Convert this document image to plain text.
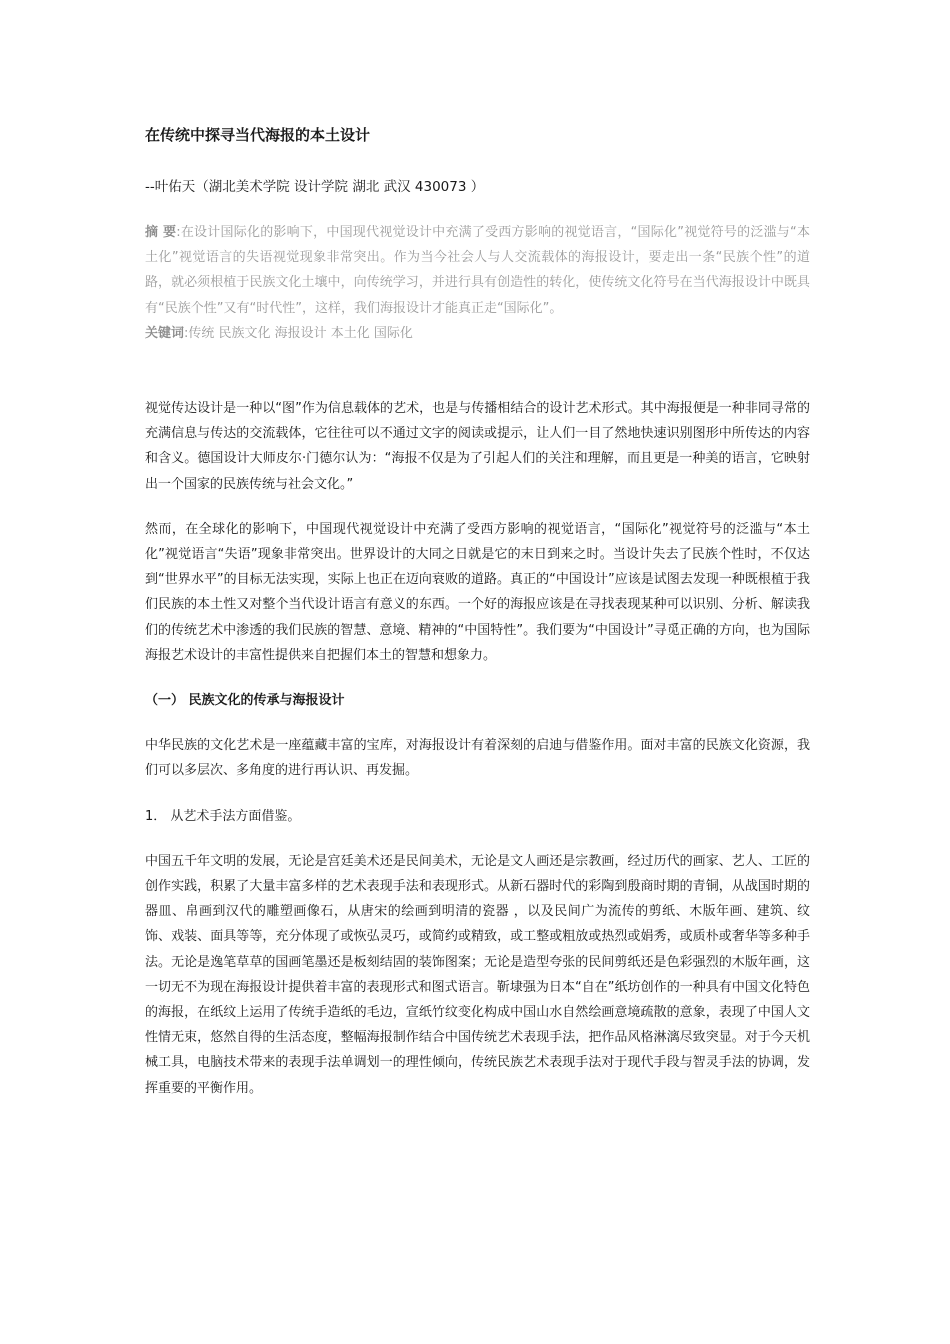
在传统中探寻当代海报的本土设计

--叶佑天（湖北美术学院 设计学院 湖北 武汉 430073 ）

摘 要:在设计国际化的影响下，中国现代视觉设计中充满了受西方影响的视觉语言，“国际化”视觉符号的泛滥与“本土化”视觉语言的失语视觉现象非常突出。作为当今社会人与人交流载体的海报设计，要走出一条“民族个性”的道路，就必须根植于民族文化土壤中，向传统学习，并进行具有创造性的转化，使传统文化符号在当代海报设计中既具有“民族个性”又有“时代性”，这样，我们海报设计才能真正走“国际化”。

关键词:传统 民族文化 海报设计 本土化 国际化

视觉传达设计是一种以“图”作为信息载体的艺术，也是与传播相结合的设计艺术形式。其中海报便是一种非同寻常的充满信息与传达的交流载体，它往往可以不通过文字的阅读或提示，让人们一目了然地快速识别图形中所传达的内容和含义。德国设计大师皮尔·门德尔认为：“海报不仅是为了引起人们的关注和理解，而且更是一种美的语言，它映射出一个国家的民族传统与社会文化。”

然而，在全球化的影响下，中国现代视觉设计中充满了受西方影响的视觉语言，“国际化”视觉符号的泛滥与“本土化”视觉语言“失语”现象非常突出。世界设计的大同之日就是它的末日到来之时。当设计失去了民族个性时，不仅达到“世界水平”的目标无法实现，实际上也正在迈向衰败的道路。真正的“中国设计”应该是试图去发现一种既根植于我们民族的本土性又对整个当代设计语言有意义的东西。一个好的海报应该是在寻找表现某种可以识别、分析、解读我们的传统艺术中渗透的我们民族的智慧、意境、精神的“中国特性”。我们要为“中国设计”寻觅正确的方向，也为国际海报艺术设计的丰富性提供来自把握们本土的智慧和想象力。

（一） 民族文化的传承与海报设计

中华民族的文化艺术是一座蕴藏丰富的宝库，对海报设计有着深刻的启迪与借鉴作用。面对丰富的民族文化资源，我们可以多层次、多角度的进行再认识、再发掘。

1． 从艺术手法方面借鉴。

中国五千年文明的发展，无论是宫廷美术还是民间美术，无论是文人画还是宗教画，经过历代的画家、艺人、工匠的创作实践，积累了大量丰富多样的艺术表现手法和表现形式。从新石器时代的彩陶到殷商时期的青铜，从战国时期的器皿、帛画到汉代的雕塑画像石，从唐宋的绘画到明清的瓷器 ，以及民间广为流传的剪纸、木版年画、建筑、纹饰、戏装、面具等等，充分体现了或恢弘灵巧，或简约或精致，或工整或粗放或热烈或娟秀，或质朴或奢华等多种手法。无论是逸笔草草的国画笔墨还是板刻结固的装饰图案；无论是造型夸张的民间剪纸还是色彩强烈的木版年画，这一切无不为现在海报设计提供着丰富的表现形式和图式语言。靳埭强为日本“自在”纸坊创作的一种具有中国文化特色的海报，在纸纹上运用了传统手造纸的毛边，宣纸竹纹变化构成中国山水自然绘画意境疏散的意象，表现了中国人文性情无束，悠然自得的生活态度，整幅海报制作结合中国传统艺术表现手法，把作品风格淋漓尽致突显。对于今天机械工具，电脑技术带来的表现手法单调划一的理性倾向，传统民族艺术表现手法对于现代手段与智灵手法的协调，发挥重要的平衡作用。
